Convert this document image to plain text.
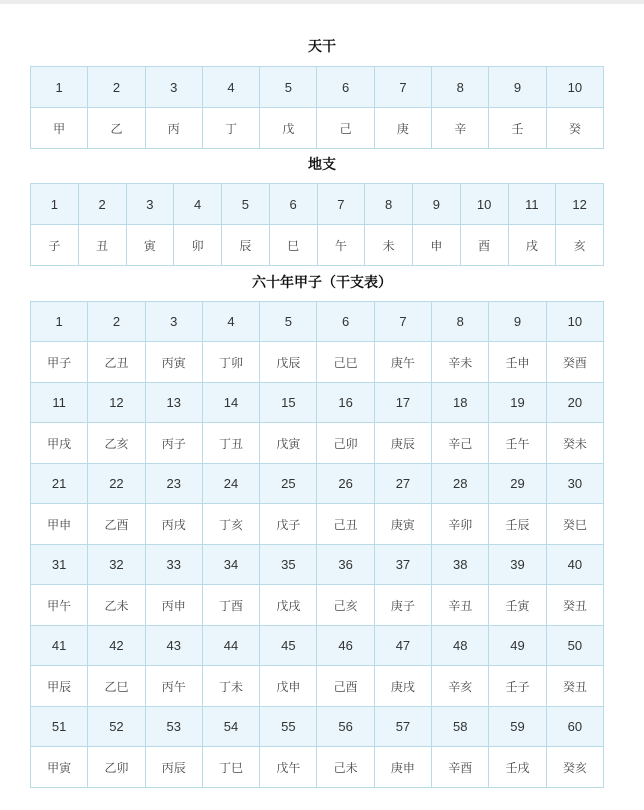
天干
1	2	3	4	5	6	7	8	9	10
甲	乙	丙	丁	戊	己	庚	辛	壬	癸
地支
1	2	3	4	5	6	7	8	9	10	11	12
子	丑	寅	卯	辰	巳	午	未	申	酉	戌	亥
六十年甲子（干支表）
1	2	3	4	5	6	7	8	9	10
甲子	乙丑	丙寅	丁卯	戊辰	己巳	庚午	辛未	壬申	癸酉
11	12	13	14	15	16	17	18	19	20
甲戌	乙亥	丙子	丁丑	戊寅	己卯	庚辰	辛己	壬午	癸未
21	22	23	24	25	26	27	28	29	30
甲申	乙酉	丙戌	丁亥	戊子	己丑	庚寅	辛卯	壬辰	癸巳
31	32	33	34	35	36	37	38	39	40
甲午	乙未	丙申	丁酉	戊戌	己亥	庚子	辛丑	壬寅	癸丑
41	42	43	44	45	46	47	48	49	50
甲辰	乙巳	丙午	丁未	戊申	己酉	庚戌	辛亥	壬子	癸丑
51	52	53	54	55	56	57	58	59	60
甲寅	乙卯	丙辰	丁巳	戊午	己未	庚申	辛酉	壬戌	癸亥
